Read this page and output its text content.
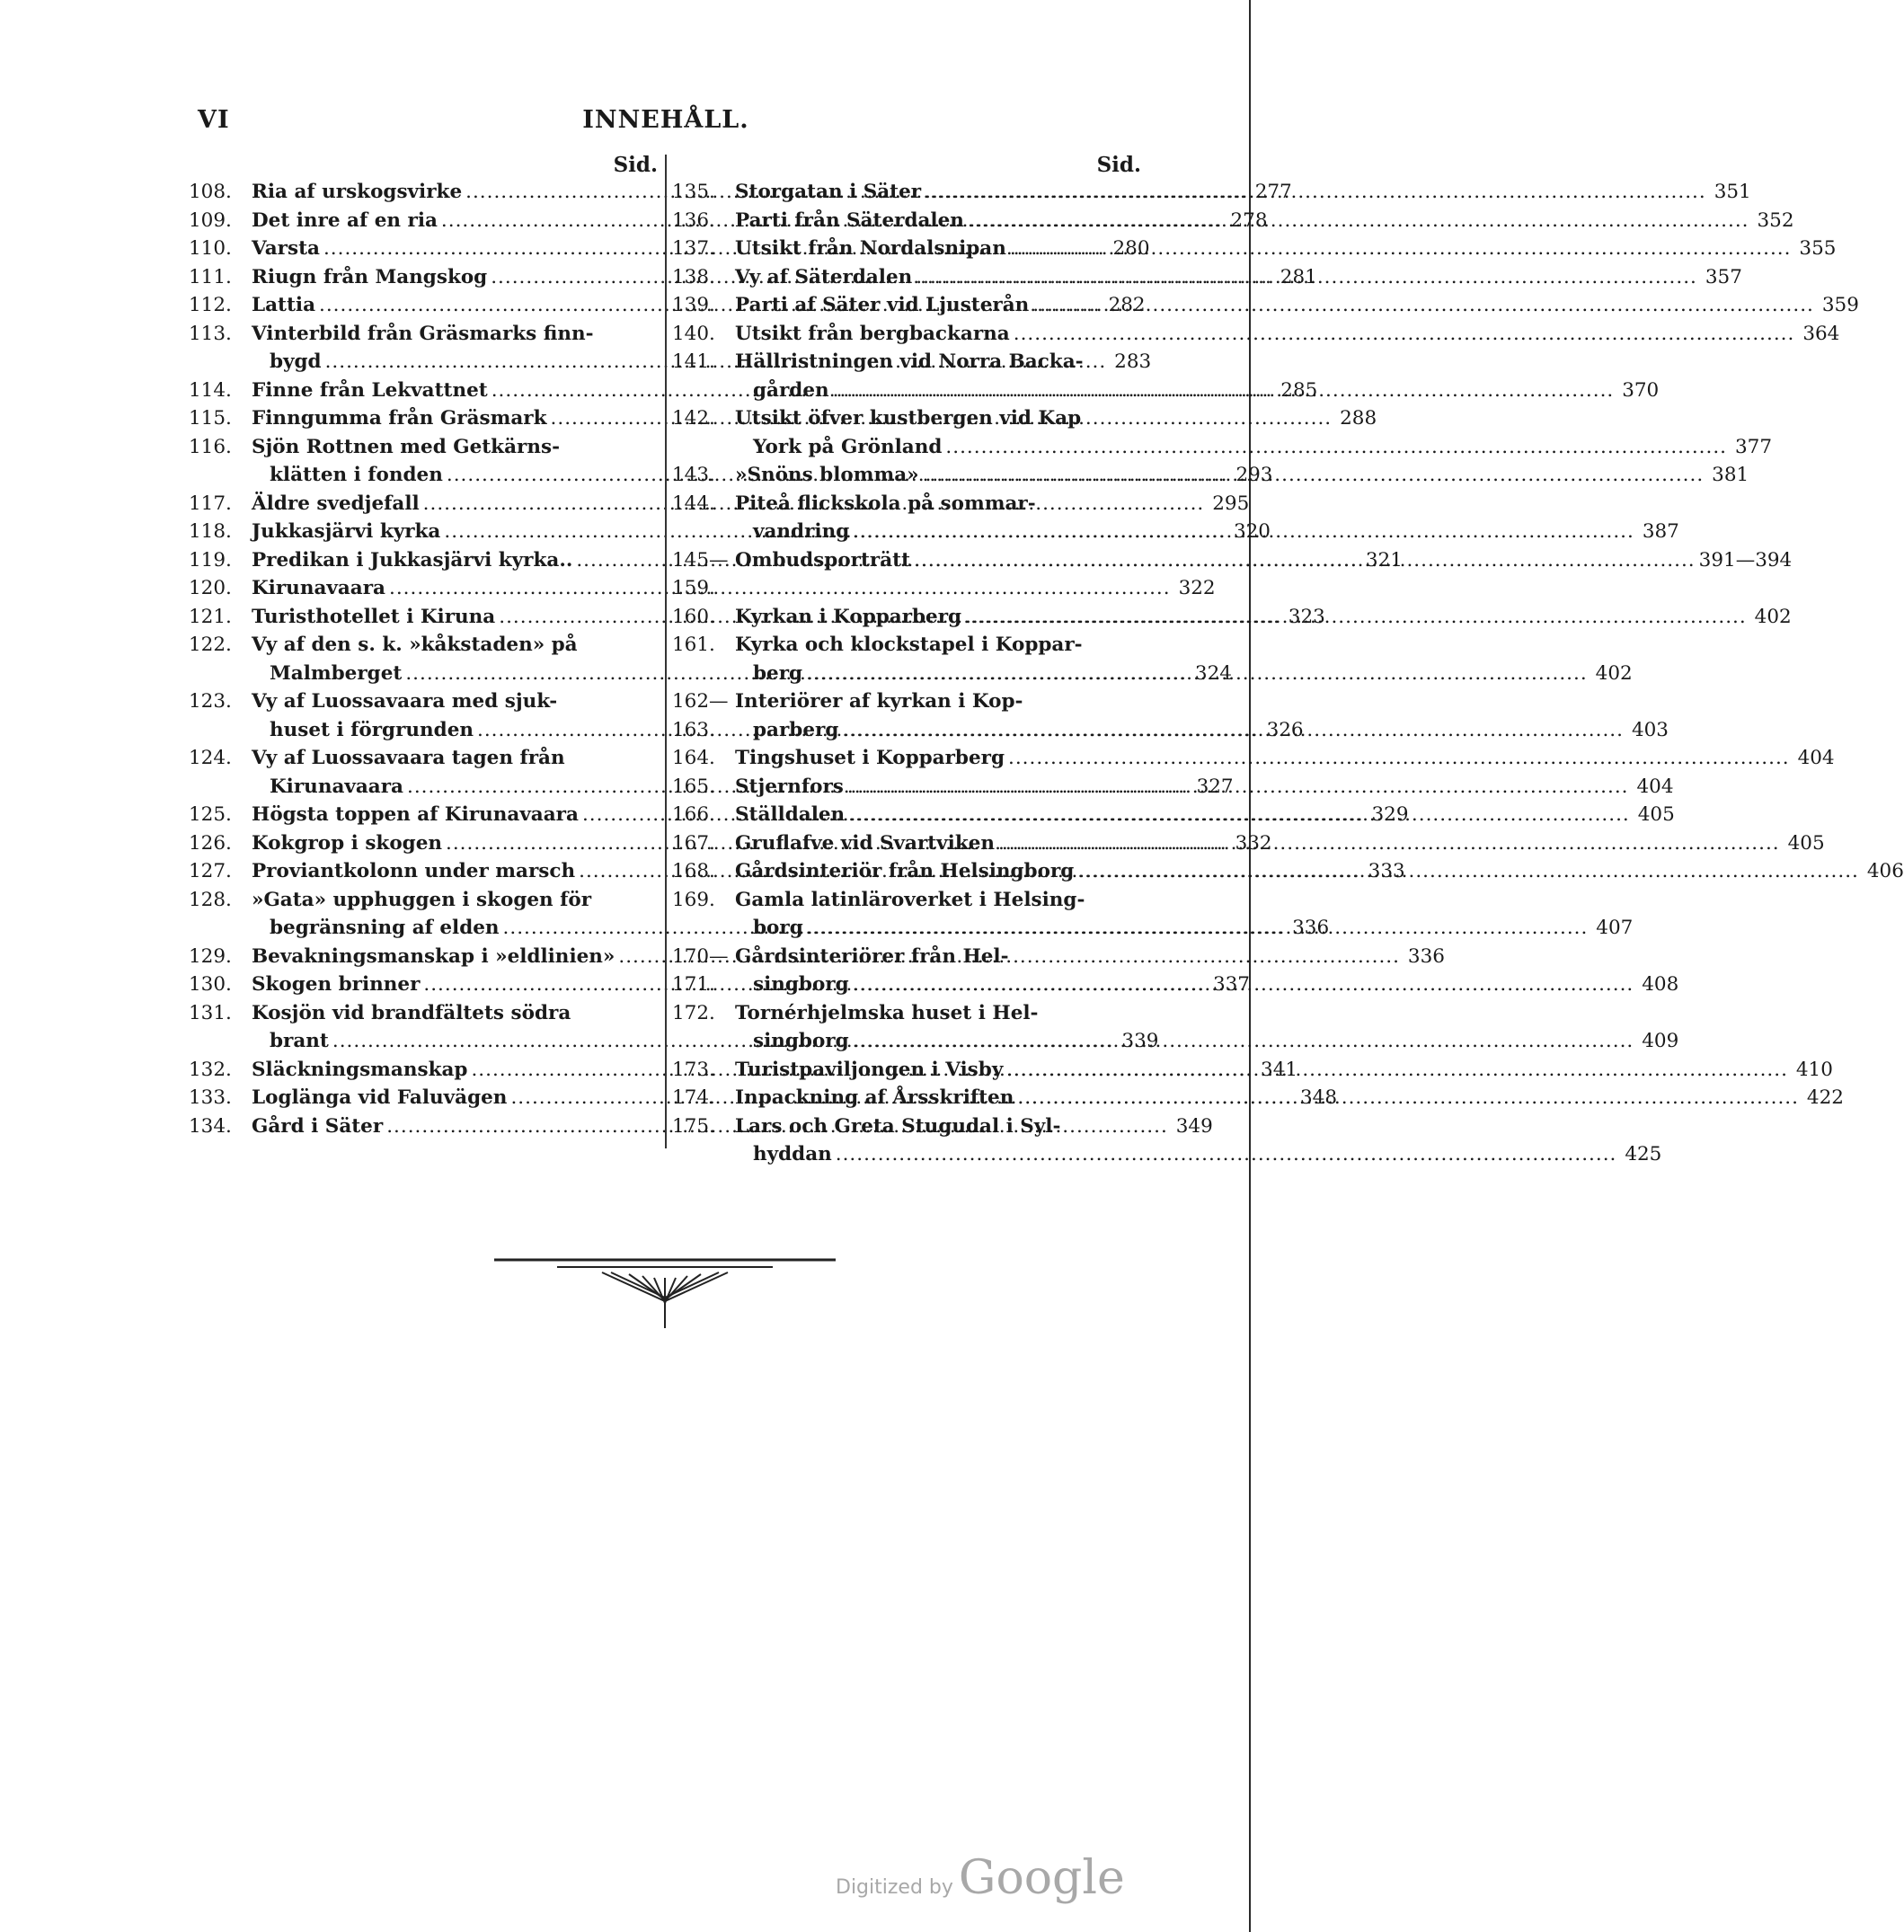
VI	INNEHÅLL.
Sid.
108.	Ria af urskogsvirke .....	277
109.	Det inre af en ria .....	278
110.	Varsta .....	280
111.	Riugn från Mangskog .....	281
112.	Lattia .....	282
113.	Vinterbild från Gräsmarks finn-
bygd .....	283
114.	Finne från Lekvattnet .....	285
115.	Finngumma från Gräsmark .....	288
116.	Sjön Rottnen med Getkärns-
klätten i fonden .....	293
117.	Äldre svedjefall .....	295
118.	Jukkasjärvi kyrka .....	320
119.	Predikan i Jukkasjärvi kyrka.. .....	321
120.	Kirunavaara .....	322
121.	Turisthotellet i Kiruna .....	323
122.	Vy af den s. k. »kåkstaden» på
Malmberget .....	324
123.	Vy af Luossavaara med sjuk-
huset i förgrunden .....	326
124.	Vy af Luossavaara tagen från
Kirunavaara .....	327
125.	Högsta toppen af Kirunavaara .....	329
126.	Kokgrop i skogen .....	332
127.	Proviantkolonn under marsch .....	333
128.	»Gata» upphuggen i skogen för
begränsning af elden .....	336
129.	Bevakningsmanskap i »eldlinien» .....	336
130.	Skogen brinner .....	337
131.	Kosjön vid brandfältets södra
brant .....	339
132.	Släckningsmanskap .....	341
133.	Loglänga vid Faluvägen .....	348
134.	Gård i Säter .....	349
Sid.
135.	Storgatan i Säter .....	351
136.	Parti från Säterdalen .....	352
137.	Utsikt från Nordalsnipan .....	355
138.	Vy af Säterdalen .....	357
139.	Parti af Säter vid Ljusterån .....	359
140.	Utsikt från bergbackarna .....	364
141.	Hällristningen vid Norra Backa-
gården .....	370
142.	Utsikt öfver kustbergen vid Kap
York på Grönland .....	377
143.	»Snöns blomma» .....	381
144.	Piteå flickskola på sommar-
vandring .....	387
145—159.
Ombudsporträtt .....	391—394
160.	Kyrkan i Kopparberg .....	402
161.	Kyrka och klockstapel i Koppar-
berg .....	402
162—163.
Interiörer af kyrkan i Kop-
parberg .....	403
164.	Tingshuset i Kopparberg .....	404
165.	Stjernfors .....	404
166.	Ställdalen .....	405
167.	Gruflafve vid Svartviken .....	405
168.	Gårdsinteriör från Helsingborg .....	406
169.	Gamla latinläroverket i Helsing-
borg .....	407
170—171.
Gårdsinteriörer från Hel-
singborg .....	408
172.	Tornérhjelmska huset i Hel-
singborg .....	409
173.	Turistpaviljongen i Visby .....	410
174.	Inpackning af Årsskriften .....	422
175.	Lars och Greta Stugudal i Syl-
hyddan .....	425
Digitized by Google
